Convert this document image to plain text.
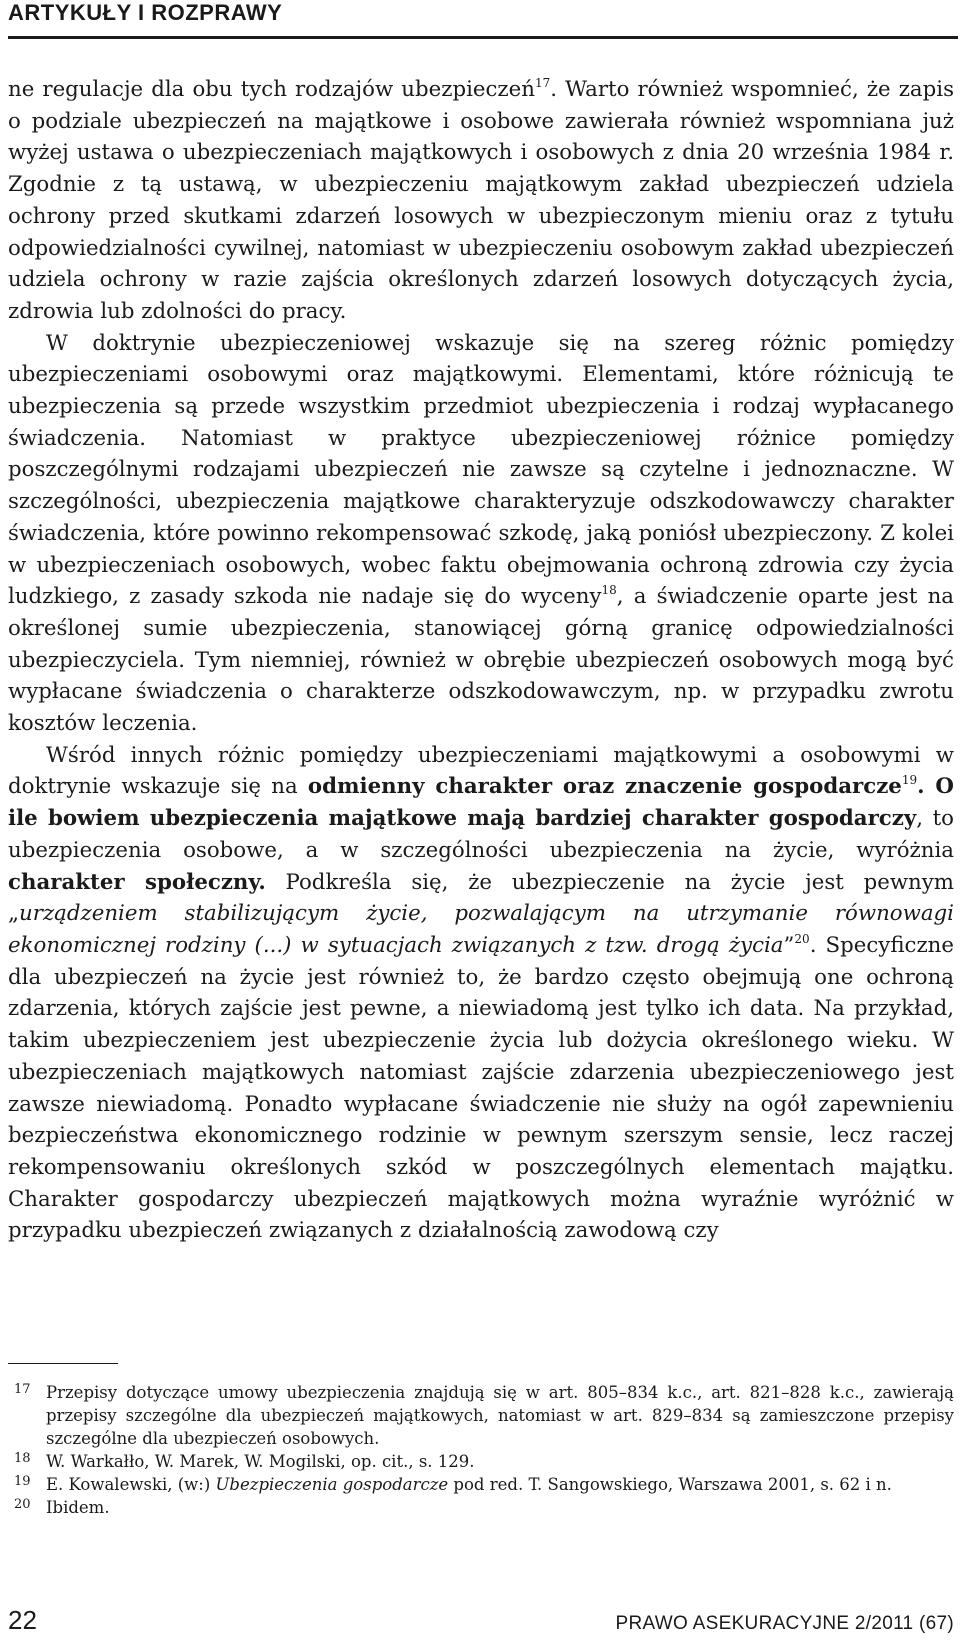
ARTYKUŁY I ROZPRAWY

ne regulacje dla obu tych rodzajów ubezpieczeń$^{17}$. Warto również wspomnieć, że zapis o podziale ubezpieczeń na majątkowe i osobowe zawierała również wspomniana już wyżej ustawa o ubezpieczeniach majątkowych i osobowych z dnia 20 września 1984 r. Zgodnie z tą ustawą, w ubezpieczeniu majątkowym zakład ubezpieczeń udziela ochrony przed skutkami zdarzeń losowych w ubezpieczonym mieniu oraz z tytułu odpowiedzialności cywilnej, natomiast w ubezpieczeniu osobowym zakład ubezpieczeń udziela ochrony w razie zajścia określonych zdarzeń losowych dotyczących życia, zdrowia lub zdolności do pracy.

W doktrynie ubezpieczeniowej wskazuje się na szereg różnic pomiędzy ubezpieczeniami osobowymi oraz majątkowymi. Elementami, które różnicują te ubezpieczenia są przede wszystkim przedmiot ubezpieczenia i rodzaj wypłacanego świadczenia. Natomiast w praktyce ubezpieczeniowej różnice pomiędzy poszczególnymi rodzajami ubezpieczeń nie zawsze są czytelne i jednoznaczne. W szczególności, ubezpieczenia majątkowe charakteryzuje odszkodowawczy charakter świadczenia, które powinno rekompensować szkodę, jaką poniósł ubezpieczony. Z kolei w ubezpieczeniach osobowych, wobec faktu obejmowania ochroną zdrowia czy życia ludzkiego, z zasady szkoda nie nadaje się do wyceny$^{18}$, a świadczenie oparte jest na określonej sumie ubezpieczenia, stanowiącej górną granicę odpowiedzialności ubezpieczyciela. Tym niemniej, również w obrębie ubezpieczeń osobowych mogą być wypłacane świadczenia o charakterze odszkodowawczym, np. w przypadku zwrotu kosztów leczenia.

Wśród innych różnic pomiędzy ubezpieczeniami majątkowymi a osobowymi w doktrynie wskazuje się na odmienny charakter oraz znaczenie gospodarcze$^{19}$. O ile bowiem ubezpieczenia majątkowe mają bardziej charakter gospodarczy, to ubezpieczenia osobowe, a w szczególności ubezpieczenia na życie, wyróżnia charakter społeczny. Podkreśla się, że ubezpieczenie na życie jest pewnym „urządzeniem stabilizującym życie, pozwalającym na utrzymanie równowagi ekonomicznej rodziny (...) w sytuacjach związanych z tzw. drogą życia”$^{20}$. Specyficzne dla ubezpieczeń na życie jest również to, że bardzo często obejmują one ochroną zdarzenia, których zajście jest pewne, a niewiadomą jest tylko ich data. Na przykład, takim ubezpieczeniem jest ubezpieczenie życia lub dożycia określonego wieku. W ubezpieczeniach majątkowych natomiast zajście zdarzenia ubezpieczeniowego jest zawsze niewiadomą. Ponadto wypłacane świadczenie nie służy na ogół zapewnieniu bezpieczeństwa ekonomicznego rodzinie w pewnym szerszym sensie, lecz raczej rekompensowaniu określonych szkód w poszczególnych elementach majątku. Charakter gospodarczy ubezpieczeń majątkowych można wyraźnie wyróżnić w przypadku ubezpieczeń związanych z działalnością zawodową czy

17 Przepisy dotyczące umowy ubezpieczenia znajdują się w art. 805–834 k.c., art. 821–828 k.c., zawierają przepisy szczególne dla ubezpieczeń majątkowych, natomiast w art. 829–834 są zamieszczone przepisy szczególne dla ubezpieczeń osobowych.
18 W. Warkałło, W. Marek, W. Mogilski, op. cit., s. 129.
19 E. Kowalewski, (w:) Ubezpieczenia gospodarcze pod red. T. Sangowskiego, Warszawa 2001, s. 62 i n.
20 Ibidem.
22	PRAWO ASEKURACYJNE 2/2011 (67)
